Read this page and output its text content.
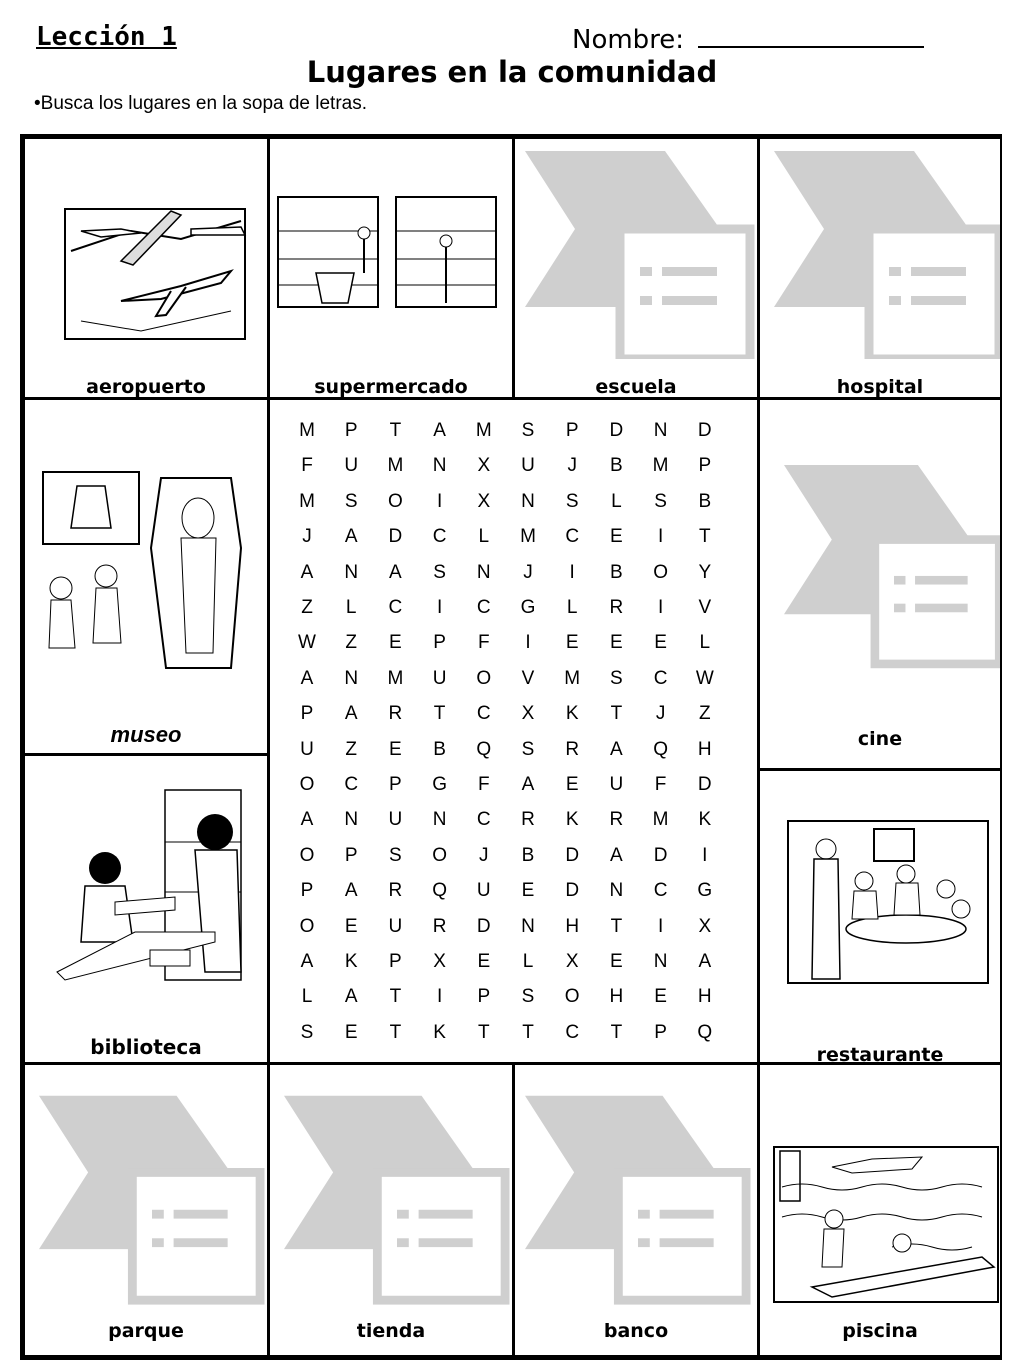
Lección 1	Nombre:
Lugares en la comunidad
•Busca los lugares en la sopa de letras.
aeropuerto	supermercado	escuela	hospital
museo
biblioteca
M	P	T	A	M	S	P	D	N	D
F	U	M	N	X	U	J	B	M	P
M	S	O	I	X	N	S	L	S	B
J	A	D	C	L	M	C	E	I	T
A	N	A	S	N	J	I	B	O	Y
Z	L	C	I	C	G	L	R	I	V
W	Z	E	P	F	I	E	E	E	L
A	N	M	U	O	V	M	S	C	W
P	A	R	T	C	X	K	T	J	Z
U	Z	E	B	Q	S	R	A	Q	H
O	C	P	G	F	A	E	U	F	D
A	N	U	N	C	R	K	R	M	K
O	P	S	O	J	B	D	A	D	I
P	A	R	Q	U	E	D	N	C	G
O	E	U	R	D	N	H	T	I	X
A	K	P	X	E	L	X	E	N	A
L	A	T	I	P	S	O	H	E	H
S	E	T	K	T	T	C	T	P	Q
cine
restaurante
parque	tienda	banco	piscina
